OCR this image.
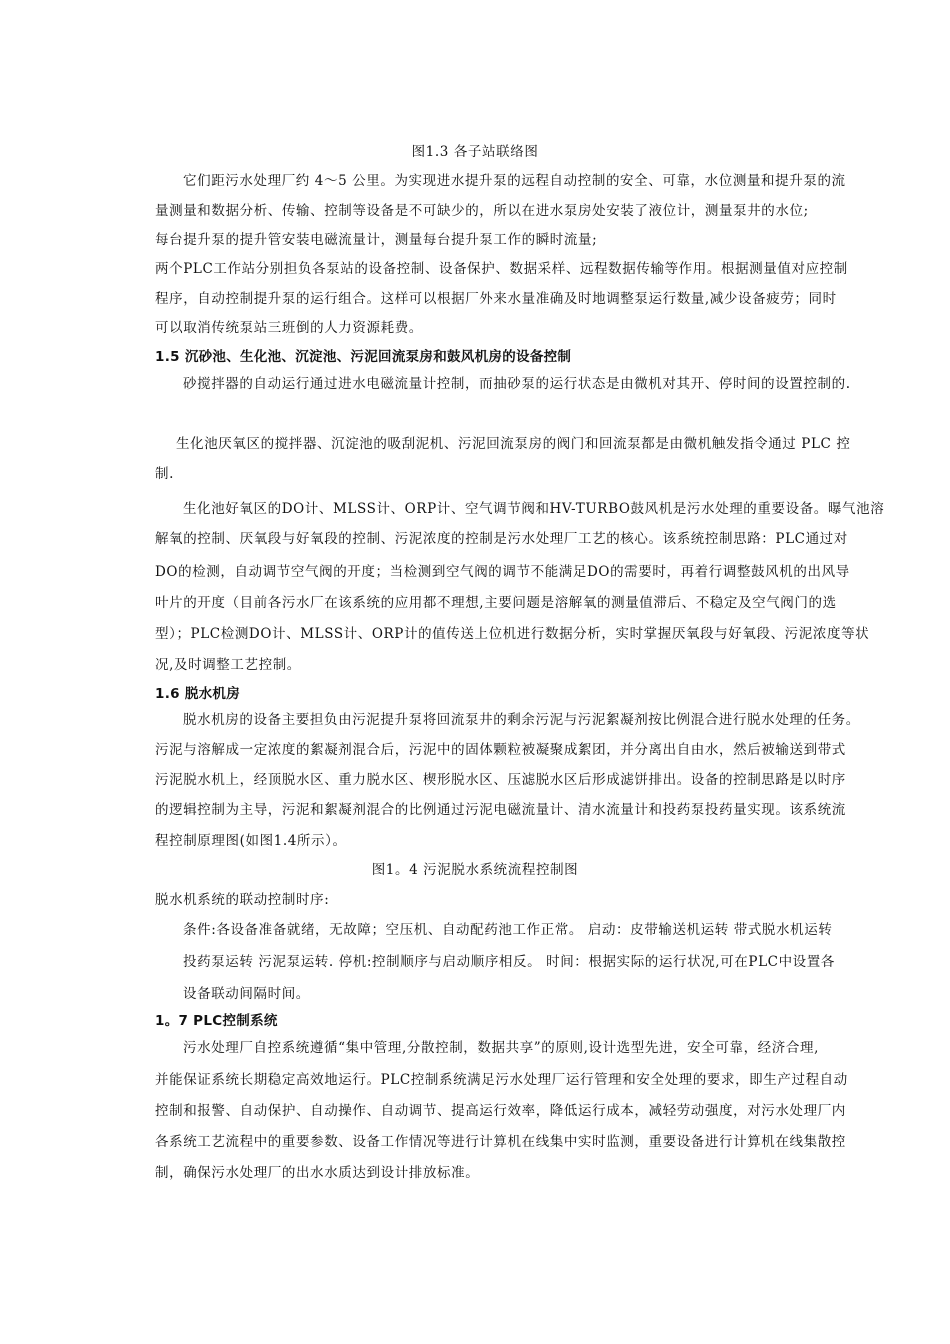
图1.3 各子站联络图
它们距污水处理厂约 4～5 公里。为实现进水提升泵的远程自动控制的安全、可靠，水位测量和提升泵的流
量测量和数据分析、传输、控制等设备是不可缺少的，所以在进水泵房处安装了液位计，测量泵井的水位;
每台提升泵的提升管安装电磁流量计，测量每台提升泵工作的瞬时流量;
两个PLC工作站分别担负各泵站的设备控制、设备保护、数据采样、远程数据传输等作用。根据测量值对应控制
程序，自动控制提升泵的运行组合。这样可以根据厂外来水量准确及时地调整泵运行数量,减少设备疲劳；同时
可以取消传统泵站三班倒的人力资源耗费。
1.5 沉砂池、生化池、沉淀池、污泥回流泵房和鼓风机房的设备控制
砂搅拌器的自动运行通过进水电磁流量计控制，而抽砂泵的运行状态是由微机对其开、停时间的设置控制的.
生化池厌氧区的搅拌器、沉淀池的吸刮泥机、污泥回流泵房的阀门和回流泵都是由微机触发指令通过 PLC 控
制.
生化池好氧区的DO计、MLSS计、ORP计、空气调节阀和HV-TURBO鼓风机是污水处理的重要设备。曝气池溶
解氧的控制、厌氧段与好氧段的控制、污泥浓度的控制是污水处理厂工艺的核心。该系统控制思路：PLC通过对
DO的检测，自动调节空气阀的开度；当检测到空气阀的调节不能满足DO的需要时，再着行调整鼓风机的出风导
叶片的开度（目前各污水厂在该系统的应用都不理想,主要问题是溶解氧的测量值滞后、不稳定及空气阀门的选
型）；PLC检测DO计、MLSS计、ORP计的值传送上位机进行数据分析，实时掌握厌氧段与好氧段、污泥浓度等状
况,及时调整工艺控制。
1.6 脱水机房
脱水机房的设备主要担负由污泥提升泵将回流泵井的剩余污泥与污泥絮凝剂按比例混合进行脱水处理的任务。
污泥与溶解成一定浓度的絮凝剂混合后，污泥中的固体颗粒被凝聚成絮团，并分离出自由水，然后被输送到带式
污泥脱水机上，经顶脱水区、重力脱水区、楔形脱水区、压滤脱水区后形成滤饼排出。设备的控制思路是以时序
的逻辑控制为主导，污泥和絮凝剂混合的比例通过污泥电磁流量计、清水流量计和投药泵投药量实现。该系统流
程控制原理图(如图1.4所示）。
图1。4 污泥脱水系统流程控制图
脱水机系统的联动控制时序:
条件:各设备准备就绪，无故障；空压机、自动配药池工作正常。 启动：皮带输送机运转 带式脱水机运转
投药泵运转 污泥泵运转. 停机:控制顺序与启动顺序相反。 时间：根据实际的运行状况,可在PLC中设置各
设备联动间隔时间。
1。7 PLC控制系统
污水处理厂自控系统遵循“集中管理,分散控制，数据共享”的原则,设计选型先进，安全可靠，经济合理,
并能保证系统长期稳定高效地运行。PLC控制系统满足污水处理厂运行管理和安全处理的要求，即生产过程自动
控制和报警、自动保护、自动操作、自动调节、提高运行效率，降低运行成本，减轻劳动强度，对污水处理厂内
各系统工艺流程中的重要参数、设备工作情况等进行计算机在线集中实时监测，重要设备进行计算机在线集散控
制，确保污水处理厂的出水水质达到设计排放标准。
